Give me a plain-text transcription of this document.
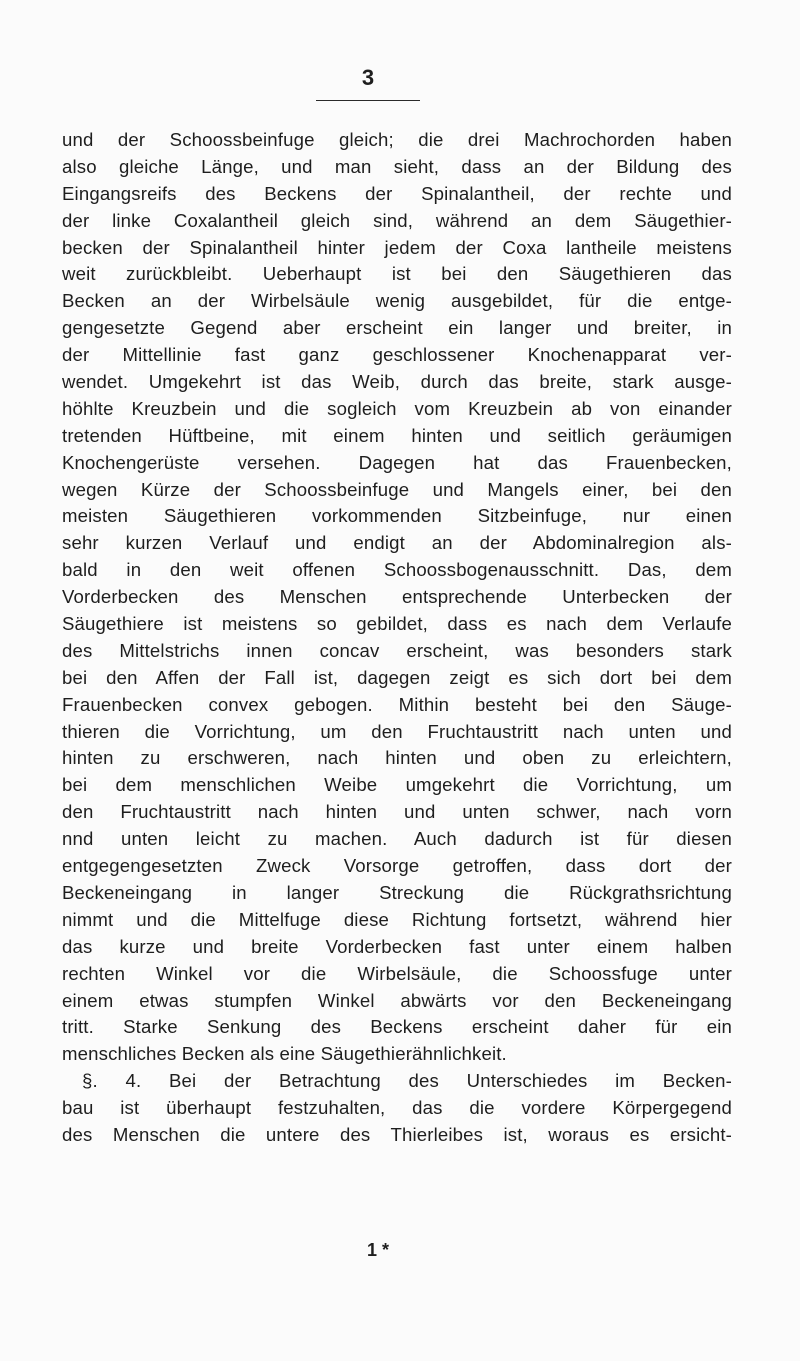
3
und der Schoossbeinfuge gleich; die drei Machrochorden haben
also gleiche Länge, und man sieht, dass an der Bildung des
Eingangsreifs des Beckens der Spinalantheil, der rechte und
der linke Coxalantheil gleich sind, während an dem Säugethier-
becken der Spinalantheil hinter jedem der Coxa lantheile meistens
weit zurückbleibt. Ueberhaupt ist bei den Säugethieren das
Becken an der Wirbelsäule wenig ausgebildet, für die entge-
gengesetzte Gegend aber erscheint ein langer und breiter, in
der Mittellinie fast ganz geschlossener Knochenapparat ver-
wendet. Umgekehrt ist das Weib, durch das breite, stark ausge-
höhlte Kreuzbein und die sogleich vom Kreuzbein ab von einander
tretenden Hüftbeine, mit einem hinten und seitlich geräumigen
Knochengerüste versehen. Dagegen hat das Frauenbecken,
wegen Kürze der Schoossbeinfuge und Mangels einer, bei den
meisten Säugethieren vorkommenden Sitzbeinfuge, nur einen
sehr kurzen Verlauf und endigt an der Abdominalregion als-
bald in den weit offenen Schoossbogenausschnitt. Das, dem
Vorderbecken des Menschen entsprechende Unterbecken der
Säugethiere ist meistens so gebildet, dass es nach dem Verlaufe
des Mittelstrichs innen concav erscheint, was besonders stark
bei den Affen der Fall ist, dagegen zeigt es sich dort bei dem
Frauenbecken convex gebogen. Mithin besteht bei den Säuge-
thieren die Vorrichtung, um den Fruchtaustritt nach unten und
hinten zu erschweren, nach hinten und oben zu erleichtern,
bei dem menschlichen Weibe umgekehrt die Vorrichtung, um
den Fruchtaustritt nach hinten und unten schwer, nach vorn
nnd unten leicht zu machen. Auch dadurch ist für diesen
entgegengesetzten Zweck Vorsorge getroffen, dass dort der
Beckeneingang in langer Streckung die Rückgrathsrichtung
nimmt und die Mittelfuge diese Richtung fortsetzt, während hier
das kurze und breite Vorderbecken fast unter einem halben
rechten Winkel vor die Wirbelsäule, die Schoossfuge unter
einem etwas stumpfen Winkel abwärts vor den Beckeneingang
tritt. Starke Senkung des Beckens erscheint daher für ein
menschliches Becken als eine Säugethierähnlichkeit.
§. 4. Bei der Betrachtung des Unterschiedes im Becken-
bau ist überhaupt festzuhalten, das die vordere Körpergegend
des Menschen die untere des Thierleibes ist, woraus es ersicht-
1 *
